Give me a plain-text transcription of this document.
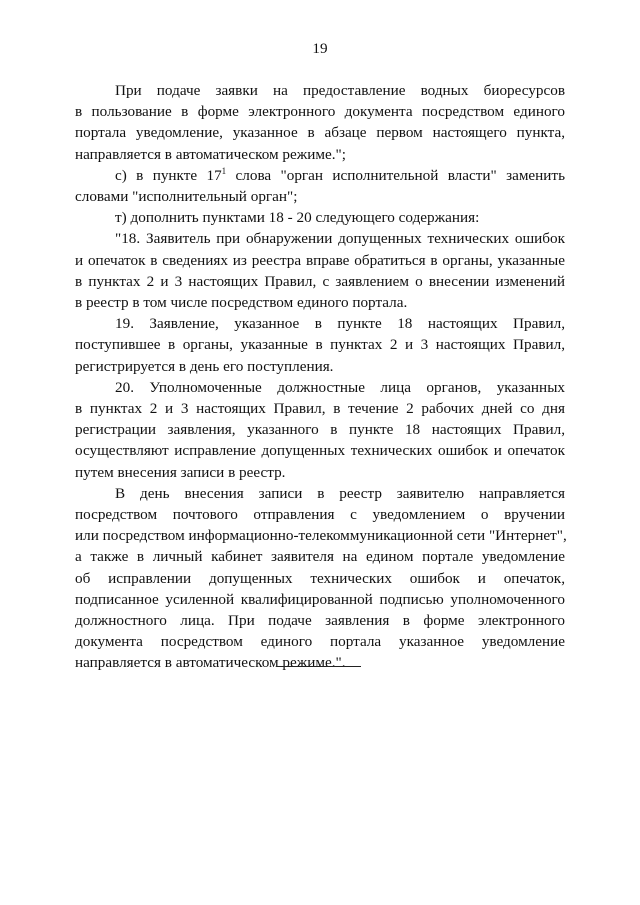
19

При подаче заявки на предоставление водных биоресурсов
в пользование в форме электронного документа посредством единого
портала уведомление, указанное в абзаце первом настоящего пункта,
направляется в автоматическом режиме.";

с) в пункте $17^1$ слова "орган исполнительной власти" заменить
словами "исполнительный орган";

т) дополнить пунктами 18 - 20 следующего содержания:

"18. Заявитель при обнаружении допущенных технических ошибок
и опечаток в сведениях из реестра вправе обратиться в органы, указанные
в пунктах 2 и 3 настоящих Правил, с заявлением о внесении изменений
в реестр в том числе посредством единого портала.

19. Заявление, указанное в пункте 18 настоящих Правил,
поступившее в органы, указанные в пунктах 2 и 3 настоящих Правил,
регистрируется в день его поступления.

20. Уполномоченные должностные лица органов, указанных
в пунктах 2 и 3 настоящих Правил, в течение 2 рабочих дней со дня
регистрации заявления, указанного в пункте 18 настоящих Правил,
осуществляют исправление допущенных технических ошибок и опечаток
путем внесения записи в реестр.

В день внесения записи в реестр заявителю направляется
посредством почтового отправления с уведомлением о вручении
или посредством информационно-телекоммуникационной сети "Интернет",
а также в личный кабинет заявителя на едином портале уведомление
об исправлении допущенных технических ошибок и опечаток,
подписанное усиленной квалифицированной подписью уполномоченного
должностного лица. При подаче заявления в форме электронного
документа посредством единого портала указанное уведомление
направляется в автоматическом режиме.".
